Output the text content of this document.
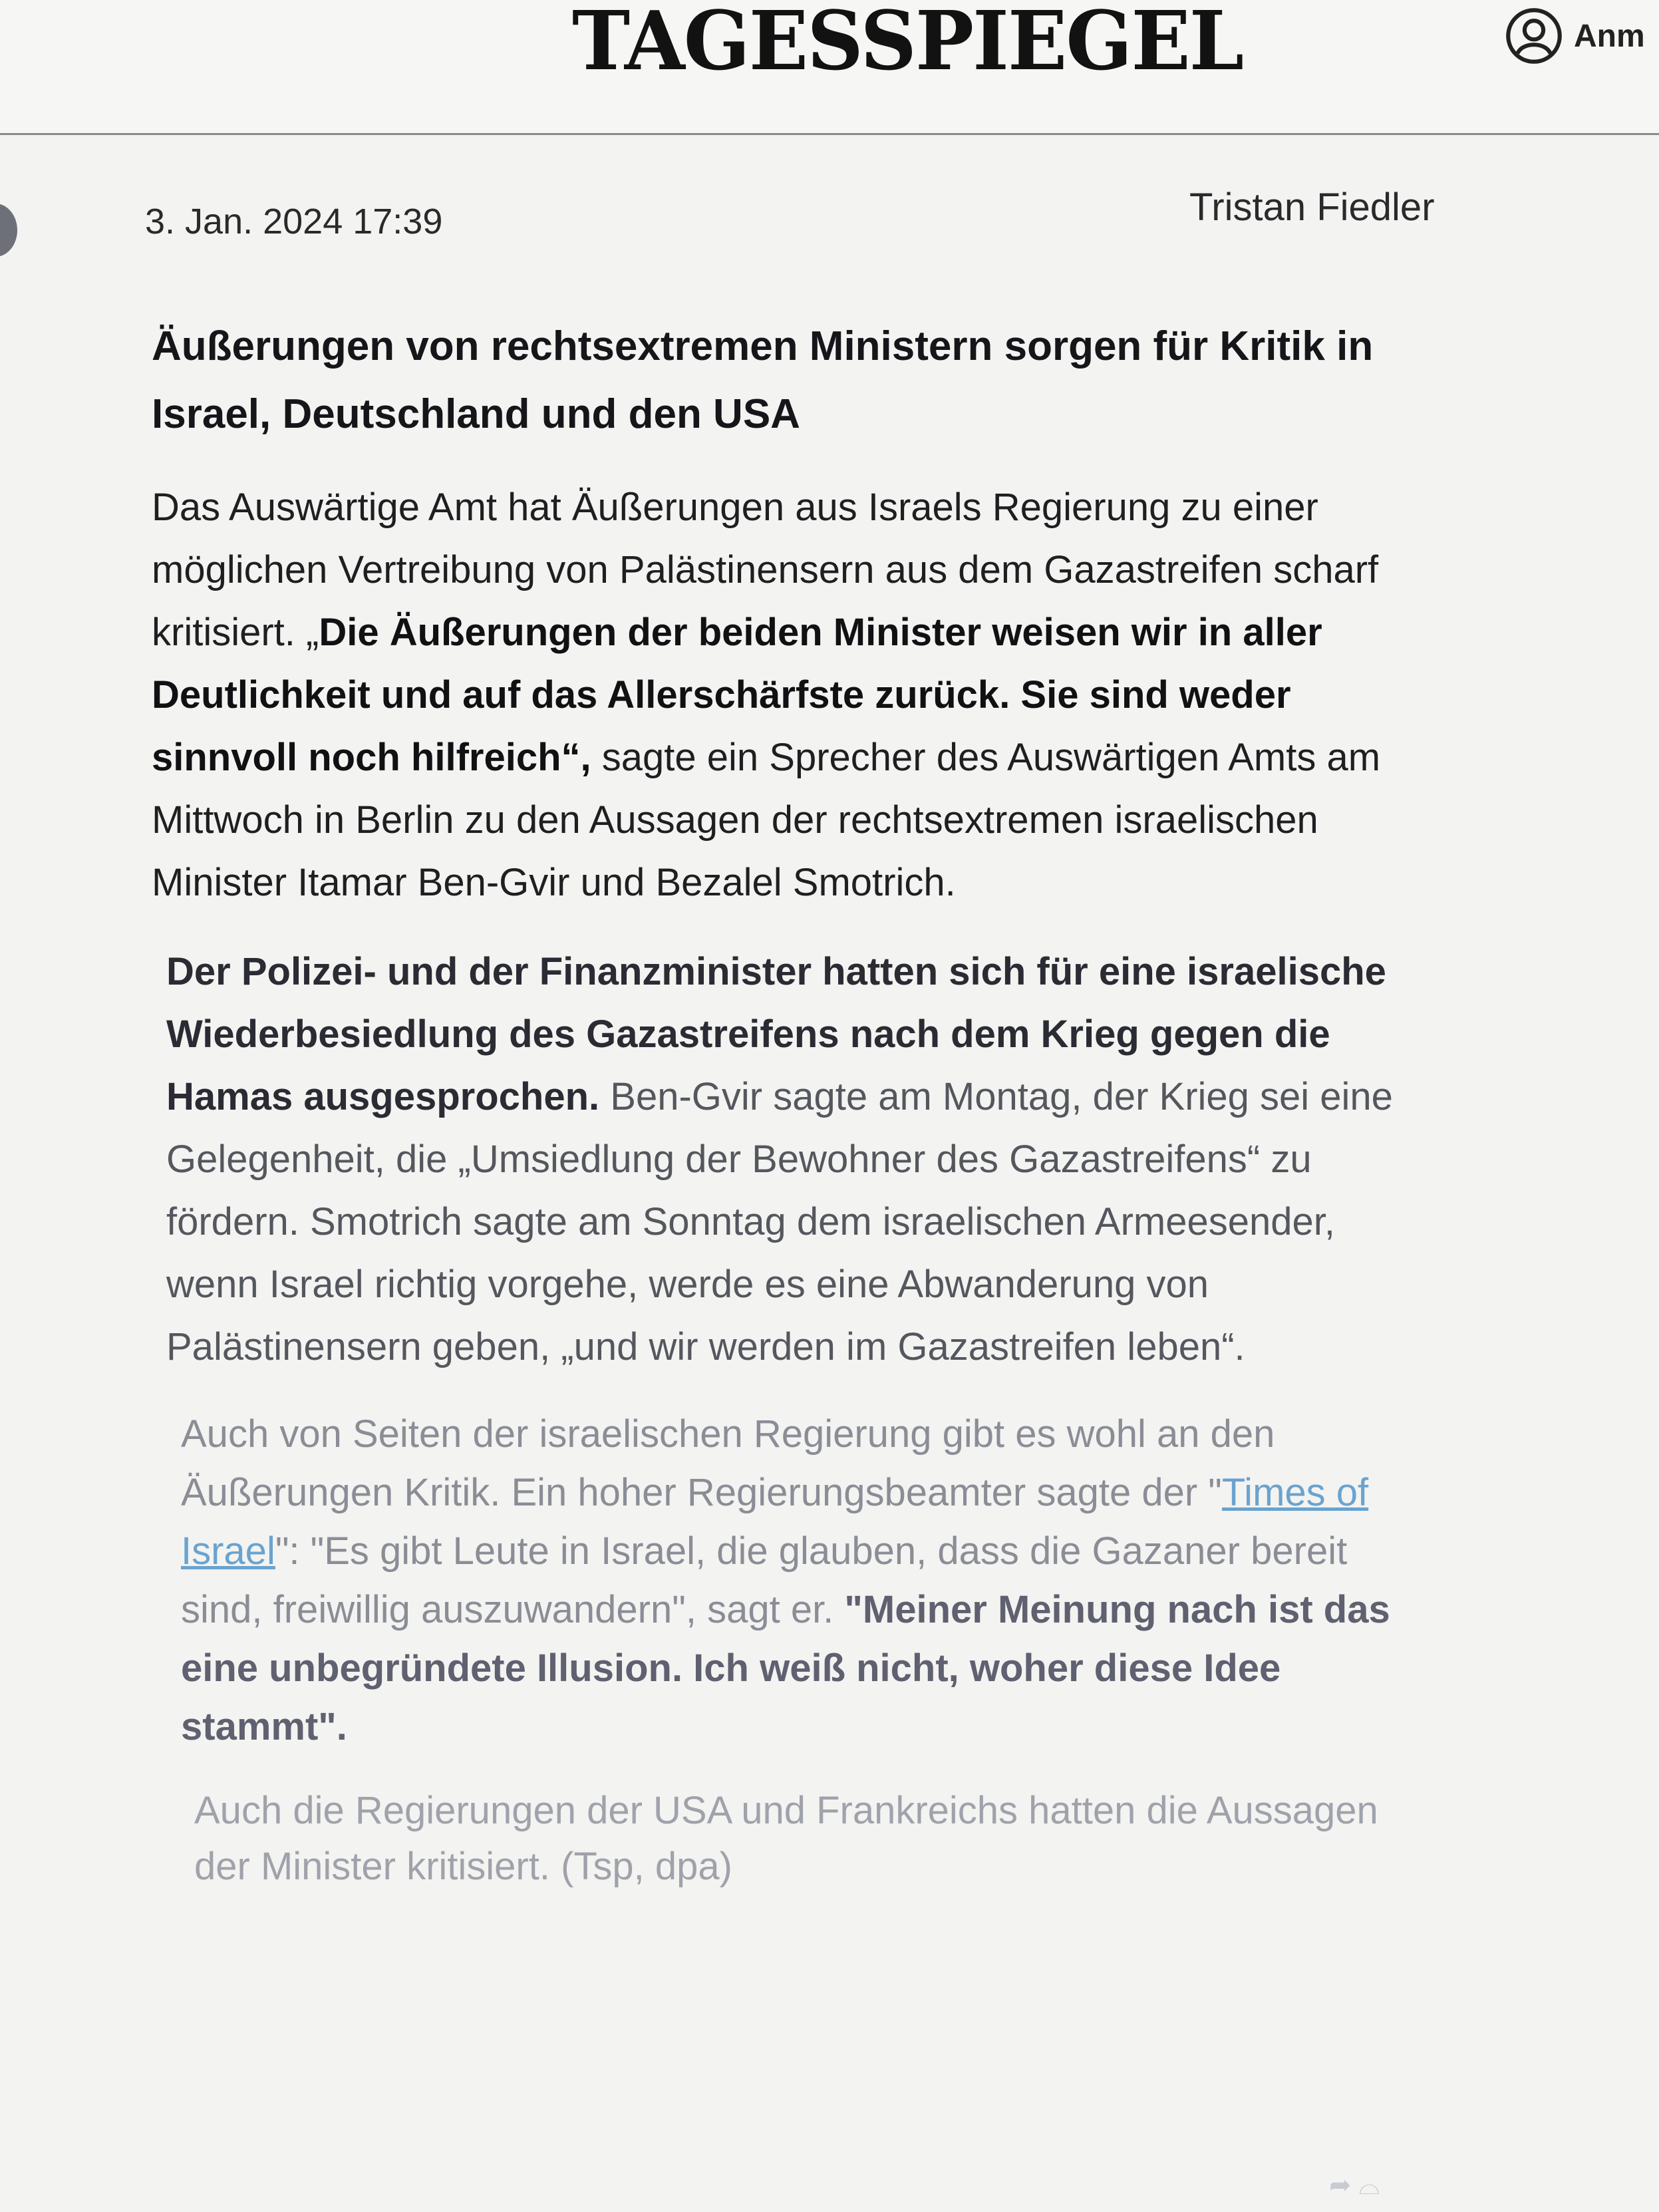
TAGESSPIEGEL	Anm
3. Jan. 2024 17:39	Tristan Fiedler
Äußerungen von rechtsextremen Ministern sorgen für Kritik in Israel, Deutschland und den USA

Das Auswärtige Amt hat Äußerungen aus Israels Regierung zu einer möglichen Vertreibung von Palästinensern aus dem Gazastreifen scharf kritisiert. „Die Äußerungen der beiden Minister weisen wir in aller Deutlichkeit und auf das Allerschärfste zurück. Sie sind weder sinnvoll noch hilfreich“, sagte ein Sprecher des Auswärtigen Amts am Mittwoch in Berlin zu den Aussagen der rechtsextremen israelischen Minister Itamar Ben-Gvir und Bezalel Smotrich.

Der Polizei- und der Finanzminister hatten sich für eine israelische Wiederbesiedlung des Gazastreifens nach dem Krieg gegen die Hamas ausgesprochen. Ben-Gvir sagte am Montag, der Krieg sei eine Gelegenheit, die „Umsiedlung der Bewohner des Gazastreifens“ zu fördern. Smotrich sagte am Sonntag dem israelischen Armeesender, wenn Israel richtig vorgehe, werde es eine Abwanderung von Palästinensern geben, „und wir werden im Gazastreifen leben“.

Auch von Seiten der israelischen Regierung gibt es wohl an den Äußerungen Kritik. Ein hoher Regierungsbeamter sagte der "Times of Israel": "Es gibt Leute in Israel, die glauben, dass die Gazaner bereit sind, freiwillig auszuwandern", sagt er. "Meiner Meinung nach ist das eine unbegründete Illusion. Ich weiß nicht, woher diese Idee stammt".

Auch die Regierungen der USA und Frankreichs hatten die Aussagen der Minister kritisiert. (Tsp, dpa)

➦ ⌓
